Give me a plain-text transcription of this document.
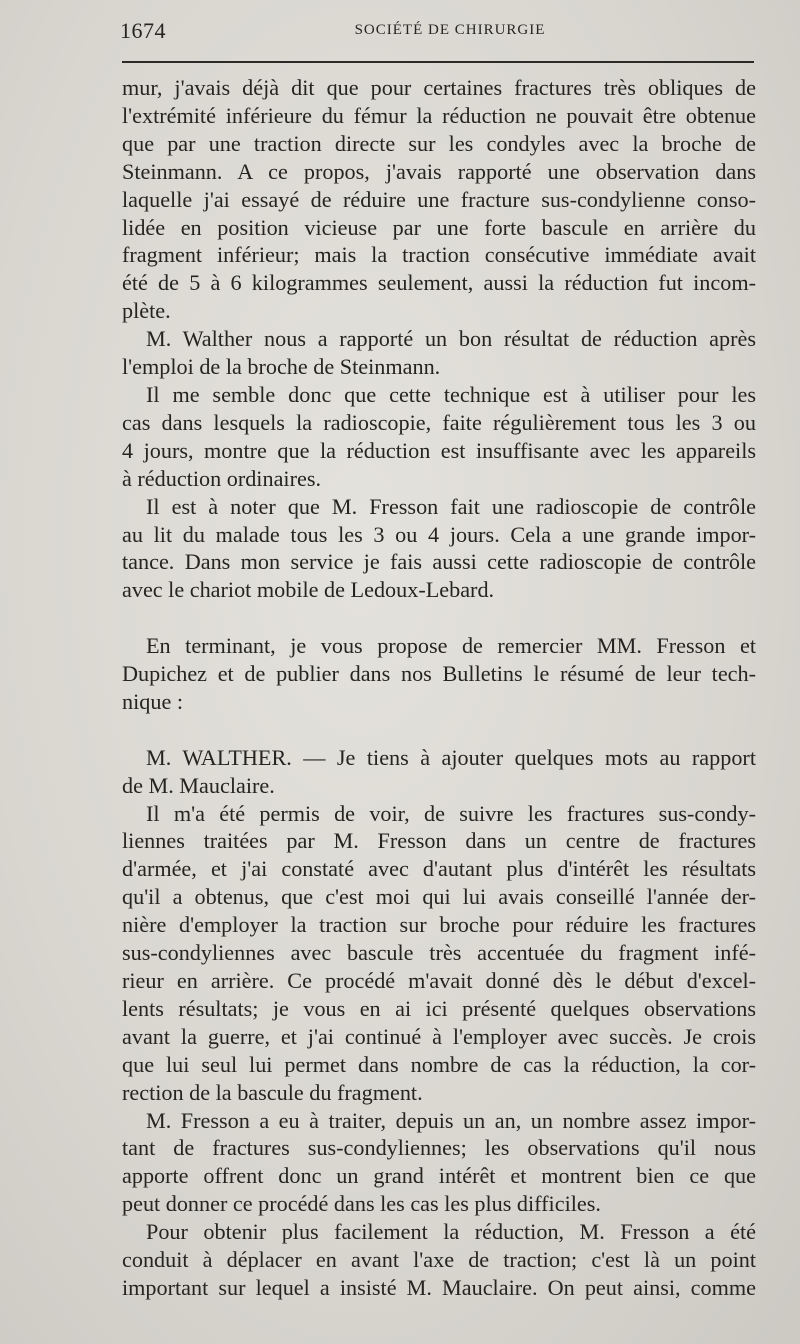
1674	SOCIÉTÉ DE CHIRURGIE
mur, j'avais déjà dit que pour certaines fractures très obliques de
l'extrémité inférieure du fémur la réduction ne pouvait être obtenue
que par une traction directe sur les condyles avec la broche de
Steinmann. A ce propos, j'avais rapporté une observation dans
laquelle j'ai essayé de réduire une fracture sus-condylienne conso-
lidée en position vicieuse par une forte bascule en arrière du
fragment inférieur; mais la traction consécutive immédiate avait
été de 5 à 6 kilogrammes seulement, aussi la réduction fut incom-
plète.
M. Walther nous a rapporté un bon résultat de réduction après
l'emploi de la broche de Steinmann.
Il me semble donc que cette technique est à utiliser pour les
cas dans lesquels la radioscopie, faite régulièrement tous les 3 ou
4 jours, montre que la réduction est insuffisante avec les appareils
à réduction ordinaires.
Il est à noter que M. Fresson fait une radioscopie de contrôle
au lit du malade tous les 3 ou 4 jours. Cela a une grande impor-
tance. Dans mon service je fais aussi cette radioscopie de contrôle
avec le chariot mobile de Ledoux-Lebard.
En terminant, je vous propose de remercier MM. Fresson et
Dupichez et de publier dans nos Bulletins le résumé de leur tech-
nique :
M. WALTHER. — Je tiens à ajouter quelques mots au rapport
de M. Mauclaire.
Il m'a été permis de voir, de suivre les fractures sus-condy-
liennes traitées par M. Fresson dans un centre de fractures
d'armée, et j'ai constaté avec d'autant plus d'intérêt les résultats
qu'il a obtenus, que c'est moi qui lui avais conseillé l'année der-
nière d'employer la traction sur broche pour réduire les fractures
sus-condyliennes avec bascule très accentuée du fragment infé-
rieur en arrière. Ce procédé m'avait donné dès le début d'excel-
lents résultats; je vous en ai ici présenté quelques observations
avant la guerre, et j'ai continué à l'employer avec succès. Je crois
que lui seul lui permet dans nombre de cas la réduction, la cor-
rection de la bascule du fragment.
M. Fresson a eu à traiter, depuis un an, un nombre assez impor-
tant de fractures sus-condyliennes; les observations qu'il nous
apporte offrent donc un grand intérêt et montrent bien ce que
peut donner ce procédé dans les cas les plus difficiles.
Pour obtenir plus facilement la réduction, M. Fresson a été
conduit à déplacer en avant l'axe de traction; c'est là un point
important sur lequel a insisté M. Mauclaire. On peut ainsi, comme
